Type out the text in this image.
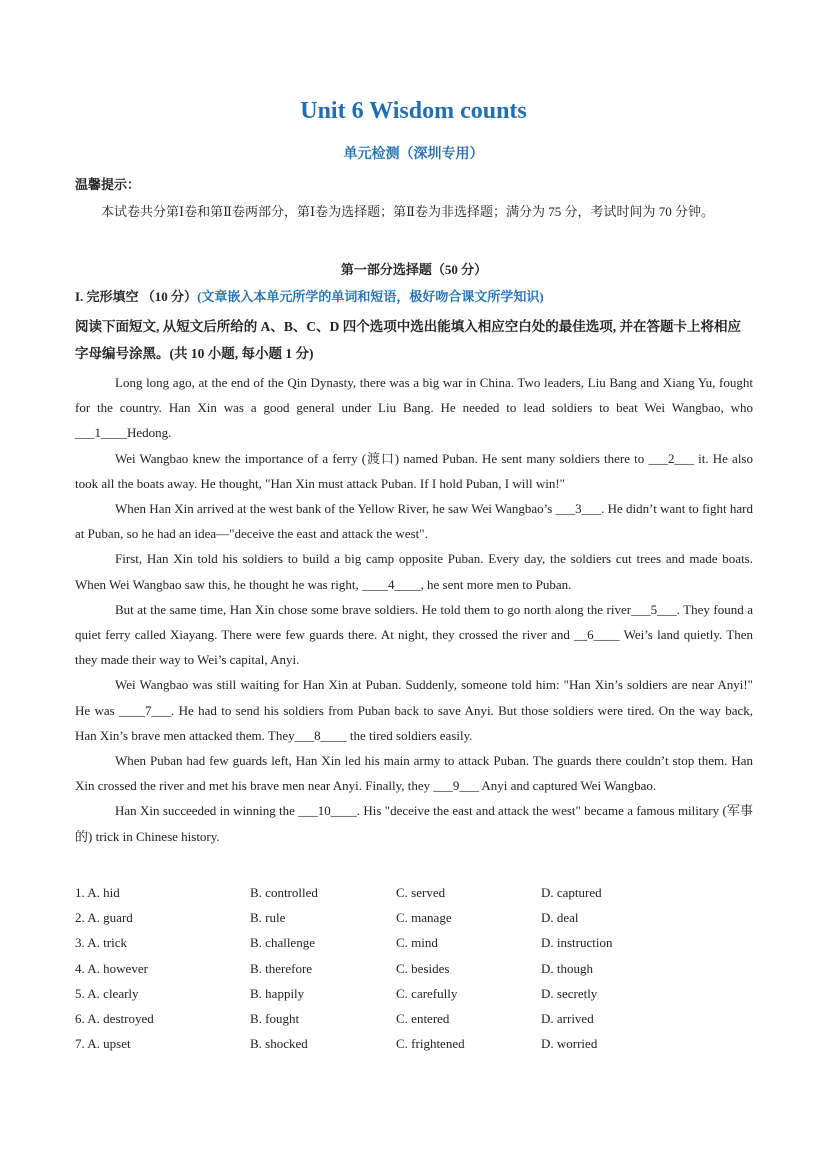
Unit 6 Wisdom counts
单元检测（深圳专用）
温馨提示：
本试卷共分第Ⅰ卷和第Ⅱ卷两部分，第Ⅰ卷为选择题；第Ⅱ卷为非选择题；满分为 75 分，考试时间为 70 分钟。
第一部分选择题（50 分）
I. 完形填空 （10 分）(文章嵌入本单元所学的单词和短语，极好吻合课文所学知识)
阅读下面短文, 从短文后所给的 A、B、C、D 四个选项中选出能填入相应空白处的最佳选项, 并在答题卡上将相应字母编号涂黑。(共 10 小题, 每小题 1 分)

Long long ago, at the end of the Qin Dynasty, there was a big war in China. Two leaders, Liu Bang and Xiang Yu, fought for the country. Han Xin was a good general under Liu Bang. He needed to lead soldiers to beat Wei Wangbao, who ___1____Hedong.

Wei Wangbao knew the importance of a ferry (渡口) named Puban. He sent many soldiers there to ___2___ it. He also took all the boats away. He thought, "Han Xin must attack Puban. If I hold Puban, I will win!"

When Han Xin arrived at the west bank of the Yellow River, he saw Wei Wangbao’s ___3___. He didn’t want to fight hard at Puban, so he had an idea—"deceive the east and attack the west".

First, Han Xin told his soldiers to build a big camp opposite Puban. Every day, the soldiers cut trees and made boats. When Wei Wangbao saw this, he thought he was right, ____4____, he sent more men to Puban.

But at the same time, Han Xin chose some brave soldiers. He told them to go north along the river___5___. They found a quiet ferry called Xiayang. There were few guards there. At night, they crossed the river and __6____ Wei’s land quietly. Then they made their way to Wei’s capital, Anyi.

Wei Wangbao was still waiting for Han Xin at Puban. Suddenly, someone told him: "Han Xin’s soldiers are near Anyi!" He was ____7___. He had to send his soldiers from Puban back to save Anyi. But those soldiers were tired. On the way back, Han Xin’s brave men attacked them. They___8____ the tired soldiers easily.

When Puban had few guards left, Han Xin led his main army to attack Puban. The guards there couldn’t stop them. Han Xin crossed the river and met his brave men near Anyi. Finally, they ___9___ Anyi and captured Wei Wangbao.

Han Xin succeeded in winning the ___10____. His "deceive the east and attack the west" became a famous military (军事的) trick in Chinese history.

1. A. hid	B. controlled	C. served	D. captured
2. A. guard	B. rule	C. manage	D. deal
3. A. trick	B. challenge	C. mind	D. instruction
4. A. however	B. therefore	C. besides	D. though
5. A. clearly	B. happily	C. carefully	D. secretly
6. A. destroyed	B. fought	C. entered	D. arrived
7. A. upset	B. shocked	C. frightened	D. worried
